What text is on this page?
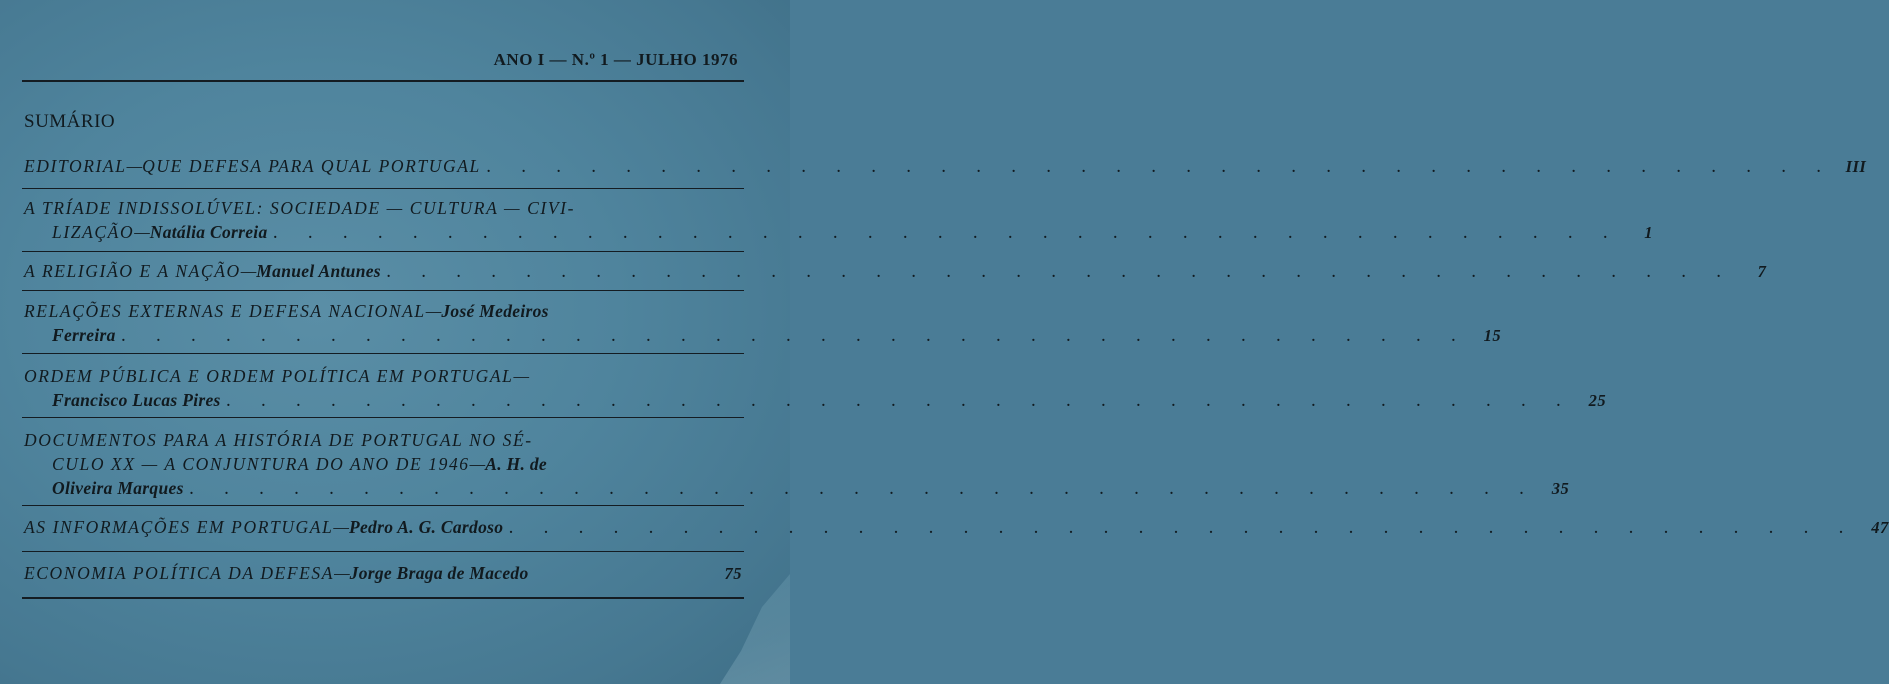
ANO I — N.º 1 — JULHO 1976
SUMÁRIO
EDITORIAL — QUE DEFESA PARA QUAL PORTUGAL . . . . . . . . . . . . . . . . . . . . . . . . . . . . . . . . . . . . . . . III
A TRÍADE INDISSOLÚVEL: SOCIEDADE — CULTURA — CIVI-
LIZAÇÃO — Natália Correia . . . . . . . . . . . . . . . . . . . . . . . . . . . . . . . . . . . . . . .	1
A RELIGIÃO E A NAÇÃO — Manuel Antunes . . . . . . . . . . . . . . . . . . . . . . . . . . . . . . . . . . . . . . .	7
RELAÇÕES EXTERNAS E DEFESA NACIONAL — José Medeiros
Ferreira . . . . . . . . . . . . . . . . . . . . . . . . . . . . . . . . . . . . . . . 15
ORDEM PÚBLICA E ORDEM POLÍTICA EM PORTUGAL —
Francisco Lucas Pires . . . . . . . . . . . . . . . . . . . . . . . . . . . . . . . . . . . . . . . 25
DOCUMENTOS PARA A HISTÓRIA DE PORTUGAL NO SÉ-
CULO XX — A CONJUNTURA DO ANO DE 1946 — A. H. de
Oliveira Marques . . . . . . . . . . . . . . . . . . . . . . . . . . . . . . . . . . . . . . . 35
AS INFORMAÇÕES EM PORTUGAL — Pedro A. G. Cardoso . . . . . . . . . . . . . . . . . . . . . . . . . . . . . . . . . . . . . . . 47
ECONOMIA POLÍTICA DA DEFESA — Jorge Braga de Macedo	75
